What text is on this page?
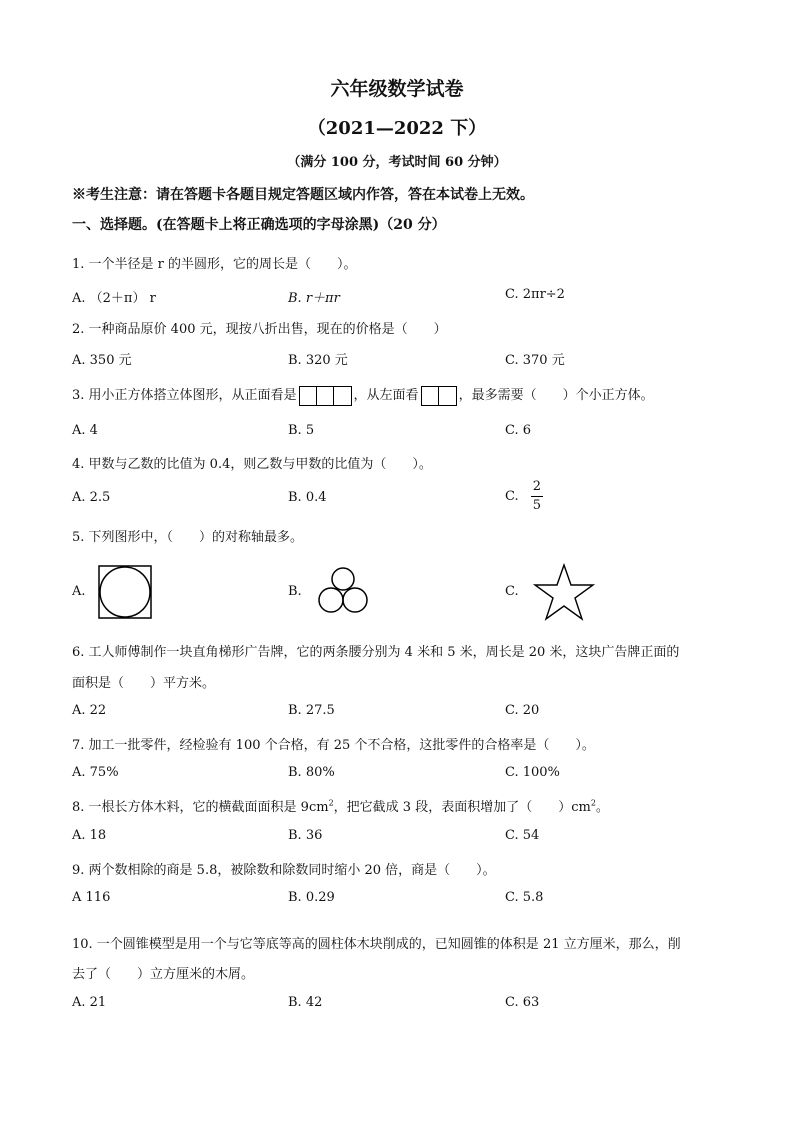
六年级数学试卷
（2021—2022 下）
（满分 100 分，考试时间 60 分钟）
※考生注意：请在答题卡各题目规定答题区域内作答，答在本试卷上无效。
一、选择题。(在答题卡上将正确选项的字母涂黑)（20 分）
1. 一个半径是 r 的半圆形，它的周长是（　　）。
A. （2＋π） r	B. r＋πr	C. 2πr÷2
2. 一种商品原价 400 元，现按八折出售，现在的价格是（　　）
A. 350 元	B. 320 元	C. 370 元
3. 用小正方体搭立体图形，从正面看是	，从左面看	，最多需要（　　）个小正方体。
A. 4	B. 5	C. 6
4. 甲数与乙数的比值为 0.4，则乙数与甲数的比值为（　　）。
A. 2.5	B. 0.4	C. $\frac{2}{5}$
5. 下列图形中，（　　）的对称轴最多。
A.	B.	C.
6. 工人师傅制作一块直角梯形广告牌，它的两条腰分别为 4 米和 5 米，周长是 20 米，这块广告牌正面的
面积是（　　）平方米。
A. 22	B. 27.5	C. 20
7. 加工一批零件，经检验有 100 个合格，有 25 个不合格，这批零件的合格率是（　　）。
A. 75%	B. 80%	C. 100%
8. 一根长方体木料，它的横截面面积是 $9cm^2$，把它截成 3 段，表面积增加了（　　）$cm^2$。
A. 18	B. 36	C. 54
9. 两个数相除的商是 5.8，被除数和除数同时缩小 20 倍，商是（　　）。
A 116	B. 0.29	C. 5.8
10. 一个圆锥模型是用一个与它等底等高的圆柱体木块削成的，已知圆锥的体积是 21 立方厘米，那么，削
去了（　　）立方厘米的木屑。
A. 21	B. 42	C. 63
